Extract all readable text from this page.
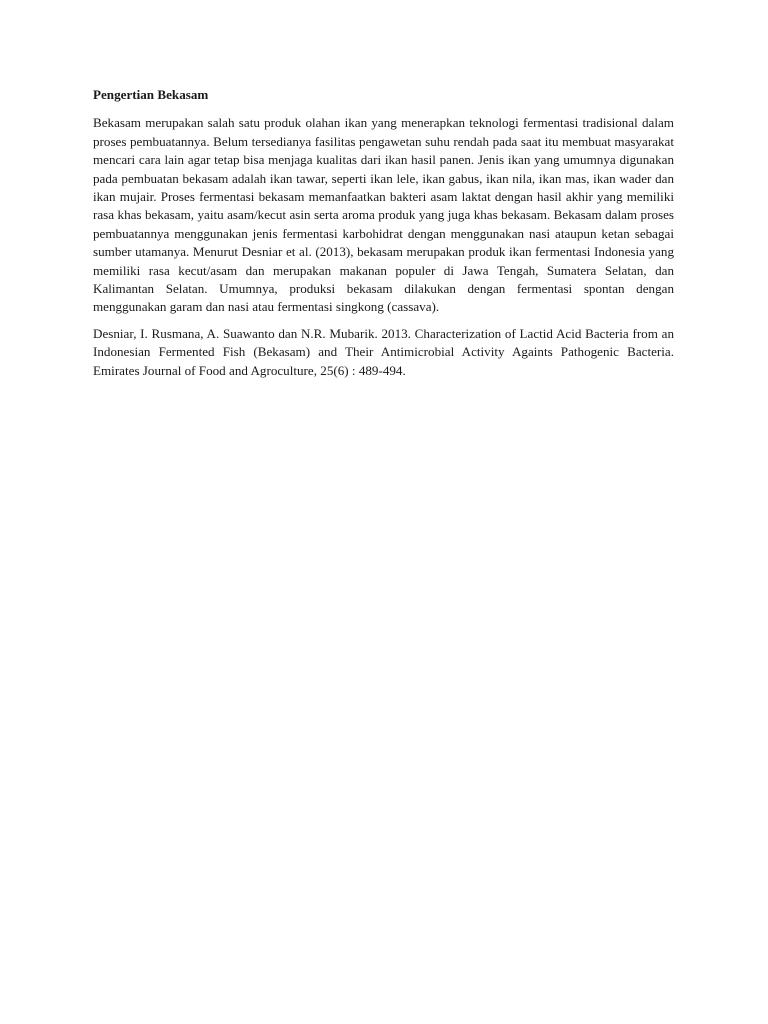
Pengertian Bekasam

Bekasam merupakan salah satu produk olahan ikan yang menerapkan teknologi fermentasi tradisional dalam proses pembuatannya. Belum tersedianya fasilitas pengawetan suhu rendah pada saat itu membuat masyarakat mencari cara lain agar tetap bisa menjaga kualitas dari ikan hasil panen. Jenis ikan yang umumnya digunakan pada pembuatan bekasam adalah ikan tawar, seperti ikan lele, ikan gabus, ikan nila, ikan mas, ikan wader dan ikan mujair. Proses fermentasi bekasam memanfaatkan bakteri asam laktat dengan hasil akhir yang memiliki rasa khas bekasam, yaitu asam/kecut asin serta aroma produk yang juga khas bekasam. Bekasam dalam proses pembuatannya menggunakan jenis fermentasi karbohidrat dengan menggunakan nasi ataupun ketan sebagai sumber utamanya. Menurut Desniar et al. (2013), bekasam merupakan produk ikan fermentasi Indonesia yang memiliki rasa kecut/asam dan merupakan makanan populer di Jawa Tengah, Sumatera Selatan, dan Kalimantan Selatan. Umumnya, produksi bekasam dilakukan dengan fermentasi spontan dengan menggunakan garam dan nasi atau fermentasi singkong (cassava).

Desniar, I. Rusmana, A. Suawanto dan N.R. Mubarik. 2013. Characterization of Lactid Acid Bacteria from an Indonesian Fermented Fish (Bekasam) and Their Antimicrobial Activity Againts Pathogenic Bacteria. Emirates Journal of Food and Agroculture, 25(6) : 489-494.
